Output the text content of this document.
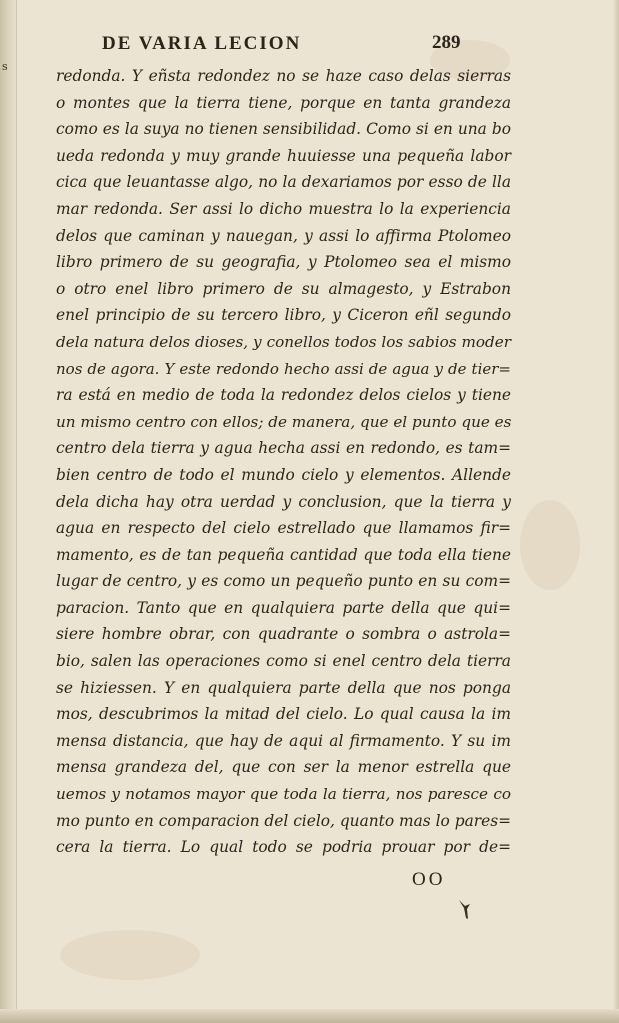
s
DE VARIA LECION	289
redonda. Y eñsta redondez no se haze caso delas sierras
o montes que la tierra tiene, porque en tanta grandeza
como es la suya no tienen sensibilidad. Como si en una bo
ueda redonda y muy grande huuiesse una pequeña labor
cica que leuantasse algo, no la dexariamos por esso de lla
mar redonda. Ser assi lo dicho muestra lo la experiencia
delos que caminan y nauegan, y assi lo affirma Ptolomeo
libro primero de su geografia, y Ptolomeo sea el mismo
o otro enel libro primero de su almagesto, y Estrabon
enel principio de su tercero libro, y Ciceron eñl segundo
dela natura delos dioses, y conellos todos los sabios moder
nos de agora. Y este redondo hecho assi de agua y de tier=
ra está en medio de toda la redondez delos cielos y tiene
un mismo centro con ellos; de manera, que el punto que es
centro dela tierra y agua hecha assi en redondo, es tam=
bien centro de todo el mundo cielo y elementos. Allende
dela dicha hay otra uerdad y conclusion, que la tierra y
agua en respecto del cielo estrellado que llamamos fir=
mamento, es de tan pequeña cantidad que toda ella tiene
lugar de centro, y es como un pequeño punto en su com=
paracion. Tanto que en qualquiera parte della que qui=
siere hombre obrar, con quadrante o sombra o astrola=
bio, salen las operaciones como si enel centro dela tierra
se hiziessen. Y en qualquiera parte della que nos ponga
mos, descubrimos la mitad del cielo. Lo qual causa la im
mensa distancia, que hay de aqui al firmamento. Y su im
mensa grandeza del, que con ser la menor estrella que
uemos y notamos mayor que toda la tierra, nos paresce co
mo punto en comparacion del cielo, quanto mas lo pares=
cera la tierra. Lo qual todo se podria prouar por de=
OO
